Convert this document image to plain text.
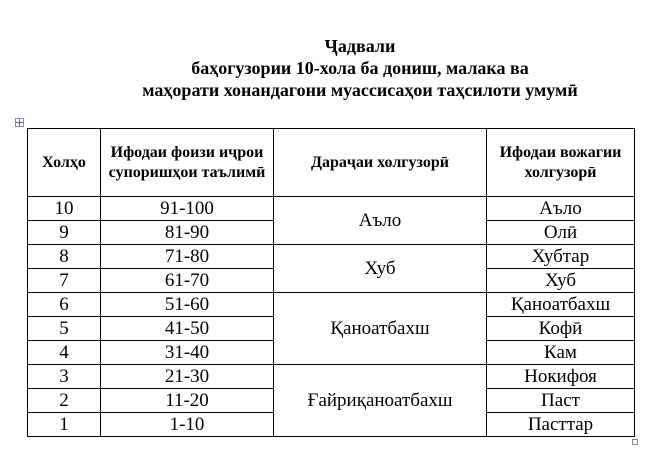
Ҷадвали
баҳогузории 10-хола ба дониш, малака ва
маҳорати хонандагони муассисаҳои таҳсилоти умумӣ
Холҳо	Ифодаи фоизи иҷрои супоришҳои таълимӣ	Дараҷаи холгузорӣ	Ифодаи вожагии холгузорӣ
10	91-100	Аъло	Аъло
9	81-90		Олӣ
8	71-80	Хуб	Хубтар
7	61-70		Хуб
6	51-60	Қаноатбахш	Қаноатбахш
5	41-50		Кофӣ
4	31-40		Кам
3	21-30	Ғайриқаноатбахш	Нокифоя
2	11-20		Паст
1	1-10		Пасттар
